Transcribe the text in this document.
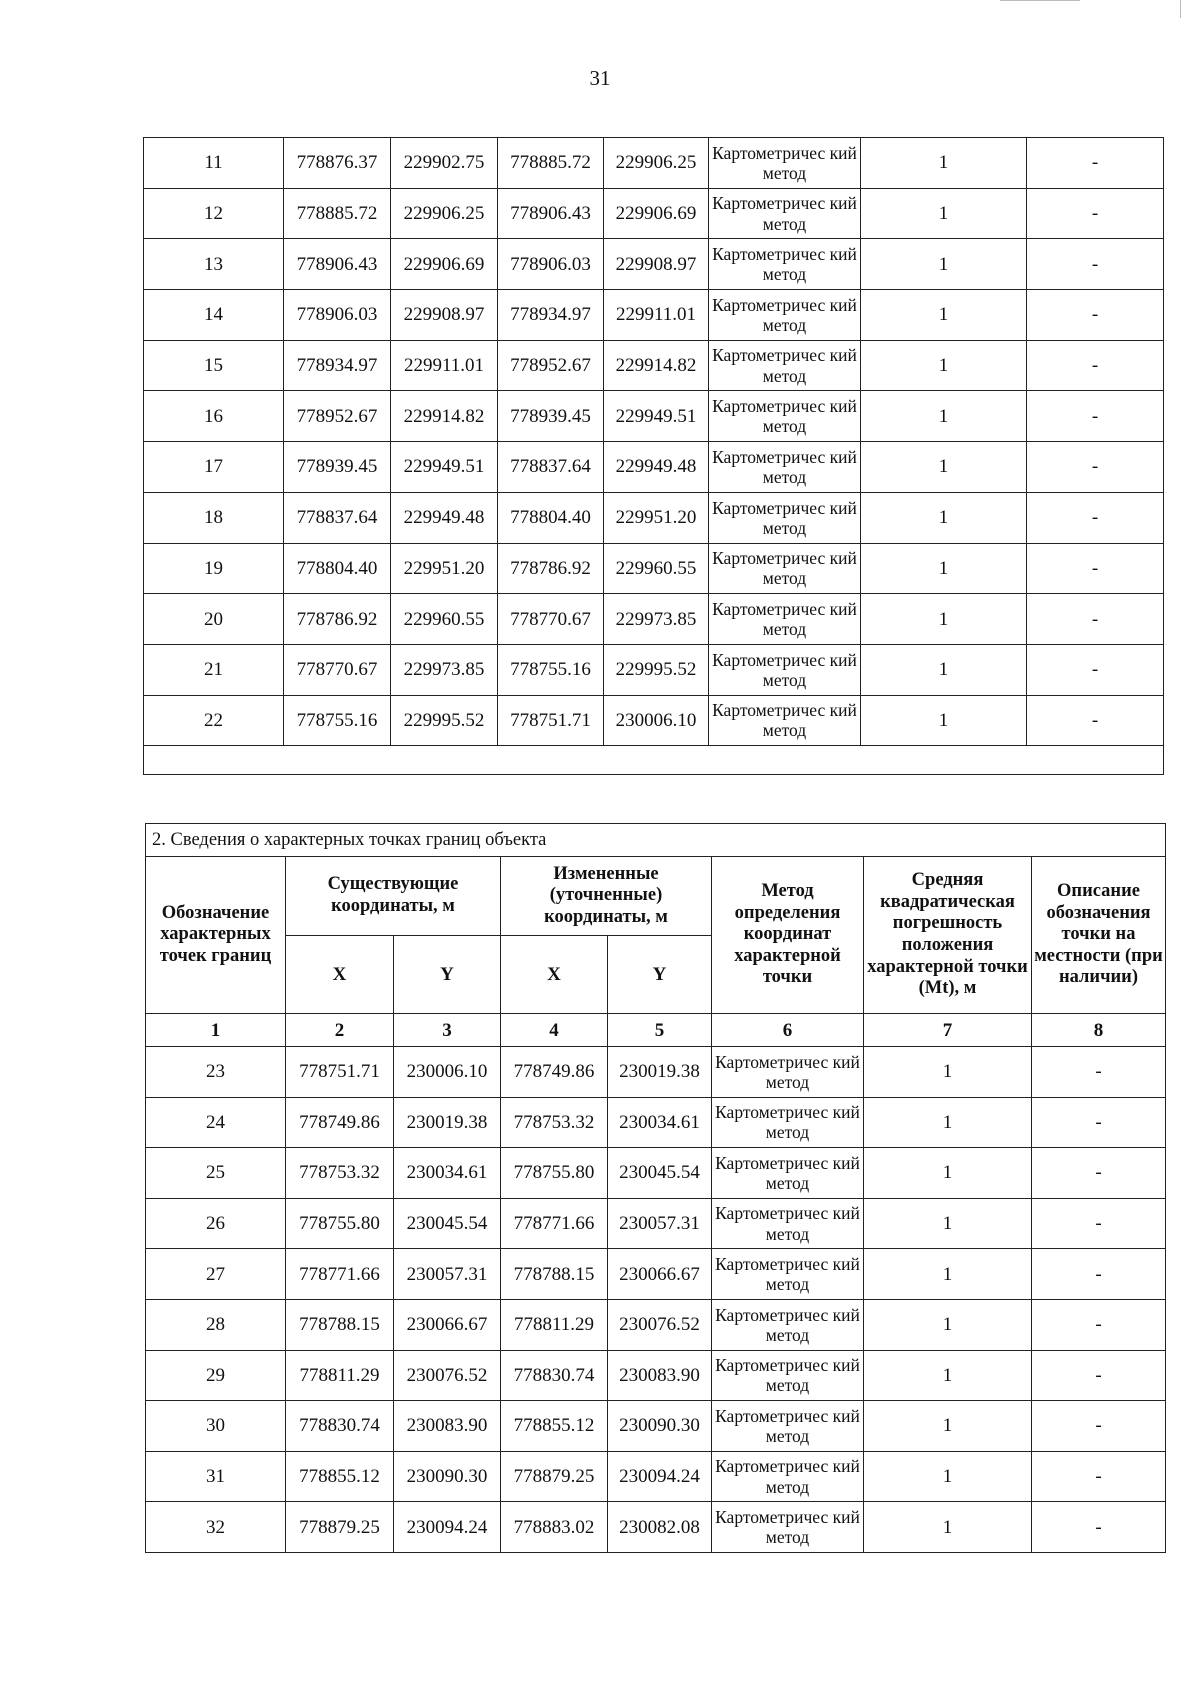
31
11	778876.37	229902.75	778885.72	229906.25	Картометричес кий метод	1	-
12	778885.72	229906.25	778906.43	229906.69	Картометричес кий метод	1	-
13	778906.43	229906.69	778906.03	229908.97	Картометричес кий метод	1	-
14	778906.03	229908.97	778934.97	229911.01	Картометричес кий метод	1	-
15	778934.97	229911.01	778952.67	229914.82	Картометричес кий метод	1	-
16	778952.67	229914.82	778939.45	229949.51	Картометричес кий метод	1	-
17	778939.45	229949.51	778837.64	229949.48	Картометричес кий метод	1	-
18	778837.64	229949.48	778804.40	229951.20	Картометричес кий метод	1	-
19	778804.40	229951.20	778786.92	229960.55	Картометричес кий метод	1	-
20	778786.92	229960.55	778770.67	229973.85	Картометричес кий метод	1	-
21	778770.67	229973.85	778755.16	229995.52	Картометричес кий метод	1	-
22	778755.16	229995.52	778751.71	230006.10	Картометричес кий метод	1	-

2. Сведения о характерных точках границ объекта							
Обозначение характерных точек границ	Существующие координаты, м		Измененные (уточненные) координаты, м		Метод определения координат характерной точки	Средняя квадратическая погрешность положения характерной точки (Mt), м	Описание обозначения точки на местности (при наличии)
	X	Y	X	Y			
1	2	3	4	5	6	7	8
23	778751.71	230006.10	778749.86	230019.38	Картометричес кий метод	1	-
24	778749.86	230019.38	778753.32	230034.61	Картометричес кий метод	1	-
25	778753.32	230034.61	778755.80	230045.54	Картометричес кий метод	1	-
26	778755.80	230045.54	778771.66	230057.31	Картометричес кий метод	1	-
27	778771.66	230057.31	778788.15	230066.67	Картометричес кий метод	1	-
28	778788.15	230066.67	778811.29	230076.52	Картометричес кий метод	1	-
29	778811.29	230076.52	778830.74	230083.90	Картометричес кий метод	1	-
30	778830.74	230083.90	778855.12	230090.30	Картометричес кий метод	1	-
31	778855.12	230090.30	778879.25	230094.24	Картометричес кий метод	1	-
32	778879.25	230094.24	778883.02	230082.08	Картометричес кий метод	1	-
